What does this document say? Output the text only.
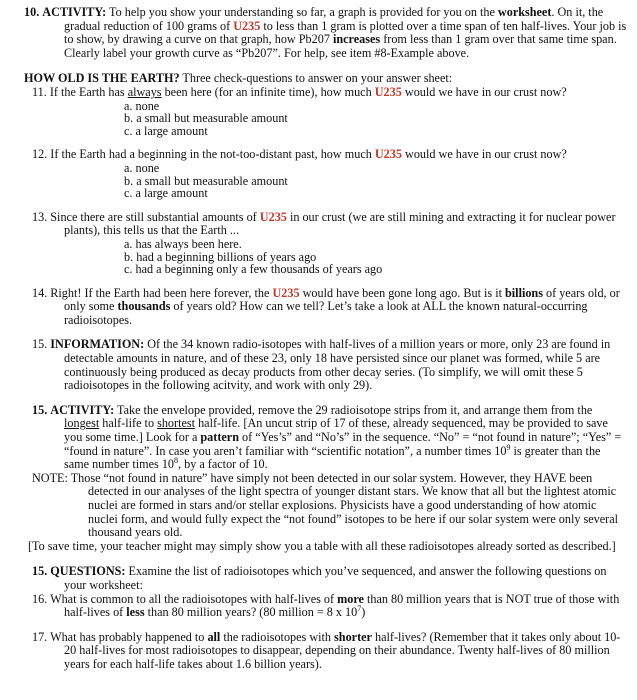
10. ACTIVITY: To help you show your understanding so far, a graph is provided for you on the worksheet. On it, the gradual reduction of 100 grams of U235 to less than 1 gram is plotted over a time span of ten half-lives. Your job is to show, by drawing a curve on that graph, how Pb207 increases from less than 1 gram over that same time span. Clearly label your growth curve as “Pb207”. For help, see item #8-Example above.
HOW OLD IS THE EARTH? Three check-questions to answer on your answer sheet:
11. If the Earth has always been here (for an infinite time), how much U235 would we have in our crust now?
a. none
b. a small but measurable amount
c. a large amount
12. If the Earth had a beginning in the not-too-distant past, how much U235 would we have in our crust now?
a. none
b. a small but measurable amount
c. a large amount
13. Since there are still substantial amounts of U235 in our crust (we are still mining and extracting it for nuclear power plants), this tells us that the Earth ...
a. has always been here.
b. had a beginning billions of years ago
c. had a beginning only a few thousands of years ago
14. Right! If the Earth had been here forever, the U235 would have been gone long ago. But is it billions of years old, or only some thousands of years old? How can we tell? Let’s take a look at ALL the known natural-occurring radioisotopes.
15. INFORMATION: Of the 34 known radio-isotopes with half-lives of a million years or more, only 23 are found in detectable amounts in nature, and of these 23, only 18 have persisted since our planet was formed, while 5 are continuously being produced as decay products from other decay series. (To simplify, we will omit these 5 radioisotopes in the following acitvity, and work with only 29).
15. ACTIVITY: Take the envelope provided, remove the 29 radioisotope strips from it, and arrange them from the longest half-life to shortest half-life. [An uncut strip of 17 of these, already sequenced, may be provided to save you some time.] Look for a pattern of “Yes’s” and “No’s” in the sequence. “No” = “not found in nature”; “Yes” = “found in nature”. In case you aren’t familiar with “scientific notation”, a number times $10^9$ is greater than the same number times $10^8$, by a factor of 10.
NOTE: Those “not found in nature” have simply not been detected in our solar system. However, they HAVE been detected in our analyses of the light spectra of younger distant stars. We know that all but the lightest atomic nuclei are formed in stars and/or stellar explosions. Physicists have a good understanding of how atomic nuclei form, and would fully expect the “not found” isotopes to be here if our solar system were only several thousand years old.
[To save time, your teacher might may simply show you a table with all these radioisotopes already sorted as described.]
15. QUESTIONS: Examine the list of radioisotopes which you’ve sequenced, and answer the following questions on your worksheet:
16. What is common to all the radioisotopes with half-lives of more than 80 million years that is NOT true of those with half-lives of less than 80 million years? (80 million = 8 x $10^7$)
17. What has probably happened to all the radioisotopes with shorter half-lives? (Remember that it takes only about 10-20 half-lives for most radioisotopes to disappear, depending on their abundance. Twenty half-lives of 80 million years for each half-life takes about 1.6 billion years).
